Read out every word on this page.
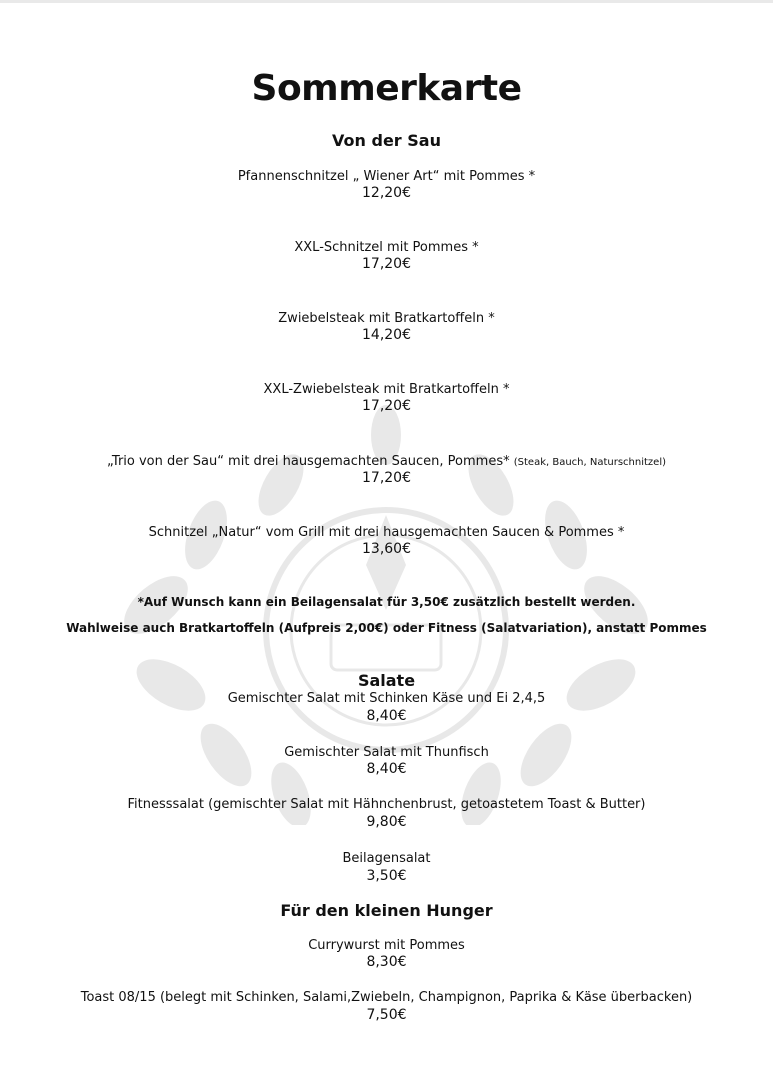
Sommerkarte
Von der Sau
Pfannenschnitzel „ Wiener Art“ mit Pommes *
12,20€
XXL-Schnitzel mit Pommes *
17,20€
Zwiebelsteak mit Bratkartoffeln *
14,20€
XXL-Zwiebelsteak mit Bratkartoffeln *
17,20€
„Trio von der Sau“ mit drei hausgemachten Saucen, Pommes* (Steak, Bauch, Naturschnitzel)
17,20€
Schnitzel „Natur“ vom Grill mit drei hausgemachten Saucen & Pommes *
13,60€
*Auf Wunsch kann ein Beilagensalat für 3,50€ zusätzlich bestellt werden.
Wahlweise auch Bratkartoffeln (Aufpreis 2,00€) oder Fitness (Salatvariation), anstatt Pommes
Salate
Gemischter Salat mit Schinken Käse und Ei 2,4,5
8,40€
Gemischter Salat mit Thunfisch
8,40€
Fitnesssalat (gemischter Salat mit Hähnchenbrust, getoastetem Toast & Butter)
9,80€
Beilagensalat
3,50€
Für den kleinen Hunger
Currywurst mit Pommes
8,30€
Toast 08/15 (belegt mit Schinken, Salami,Zwiebeln, Champignon, Paprika & Käse überbacken)
7,50€
